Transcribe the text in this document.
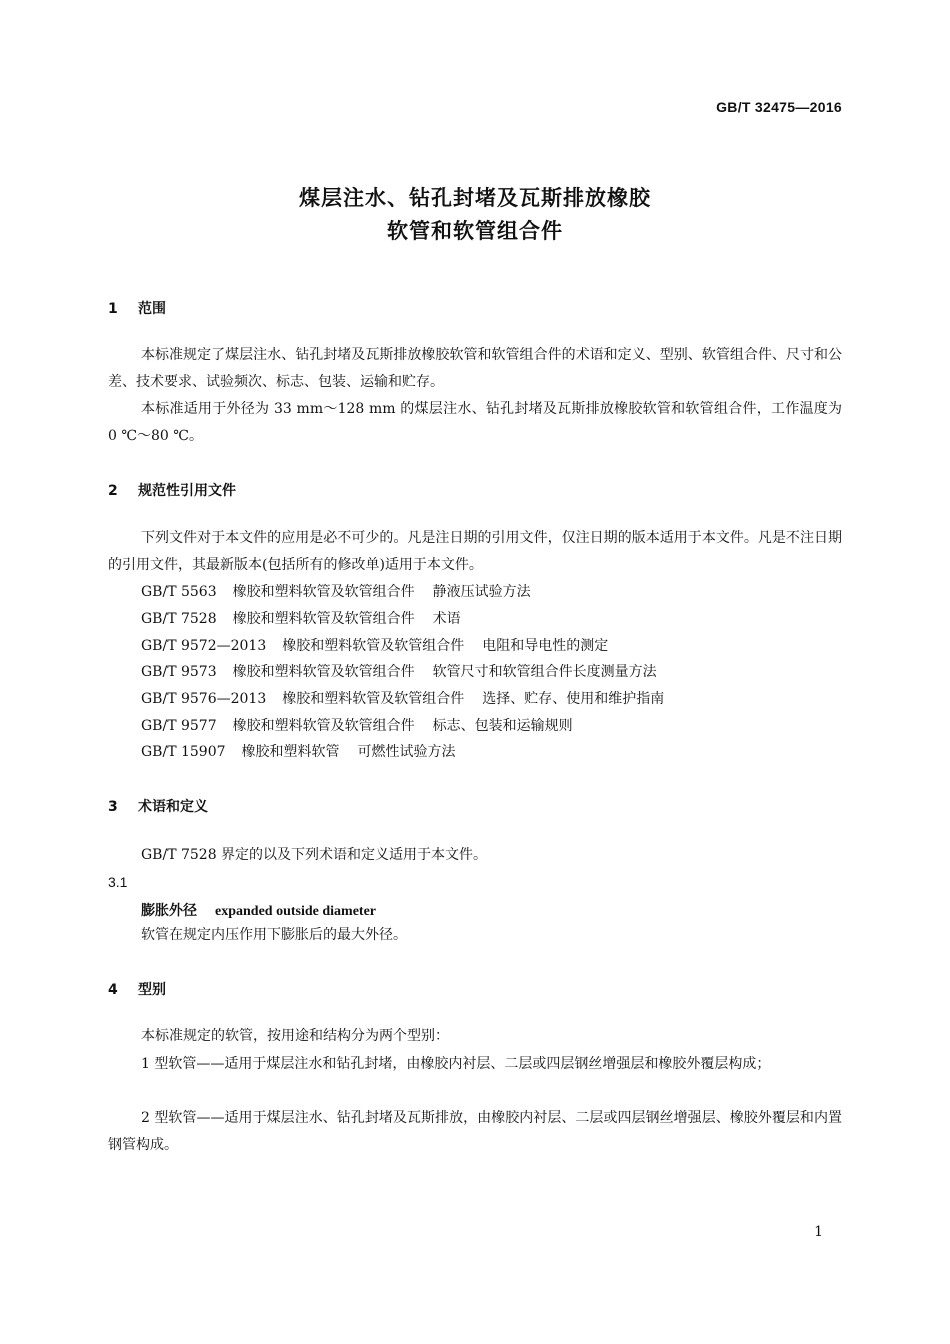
GB/T 32475—2016
煤层注水、钻孔封堵及瓦斯排放橡胶
软管和软管组合件
1 范围
本标准规定了煤层注水、钻孔封堵及瓦斯排放橡胶软管和软管组合件的术语和定义、型别、软管组合件、尺寸和公差、技术要求、试验频次、标志、包装、运输和贮存。
本标准适用于外径为 33 mm～128 mm 的煤层注水、钻孔封堵及瓦斯排放橡胶软管和软管组合件，工作温度为 0 ℃～80 ℃。
2 规范性引用文件
下列文件对于本文件的应用是必不可少的。凡是注日期的引用文件，仅注日期的版本适用于本文件。凡是不注日期的引用文件，其最新版本(包括所有的修改单)适用于本文件。
GB/T 5563 橡胶和塑料软管及软管组合件 静液压试验方法
GB/T 7528 橡胶和塑料软管及软管组合件 术语
GB/T 9572—2013 橡胶和塑料软管及软管组合件 电阻和导电性的测定
GB/T 9573 橡胶和塑料软管及软管组合件 软管尺寸和软管组合件长度测量方法
GB/T 9576—2013 橡胶和塑料软管及软管组合件 选择、贮存、使用和维护指南
GB/T 9577 橡胶和塑料软管及软管组合件 标志、包装和运输规则
GB/T 15907 橡胶和塑料软管 可燃性试验方法
3 术语和定义
GB/T 7528 界定的以及下列术语和定义适用于本文件。
3.1
膨胀外径 expanded outside diameter
软管在规定内压作用下膨胀后的最大外径。
4 型别
本标准规定的软管，按用途和结构分为两个型别：
1 型软管——适用于煤层注水和钻孔封堵，由橡胶内衬层、二层或四层钢丝增强层和橡胶外覆层构成；
2 型软管——适用于煤层注水、钻孔封堵及瓦斯排放，由橡胶内衬层、二层或四层钢丝增强层、橡胶外覆层和内置钢管构成。
1
